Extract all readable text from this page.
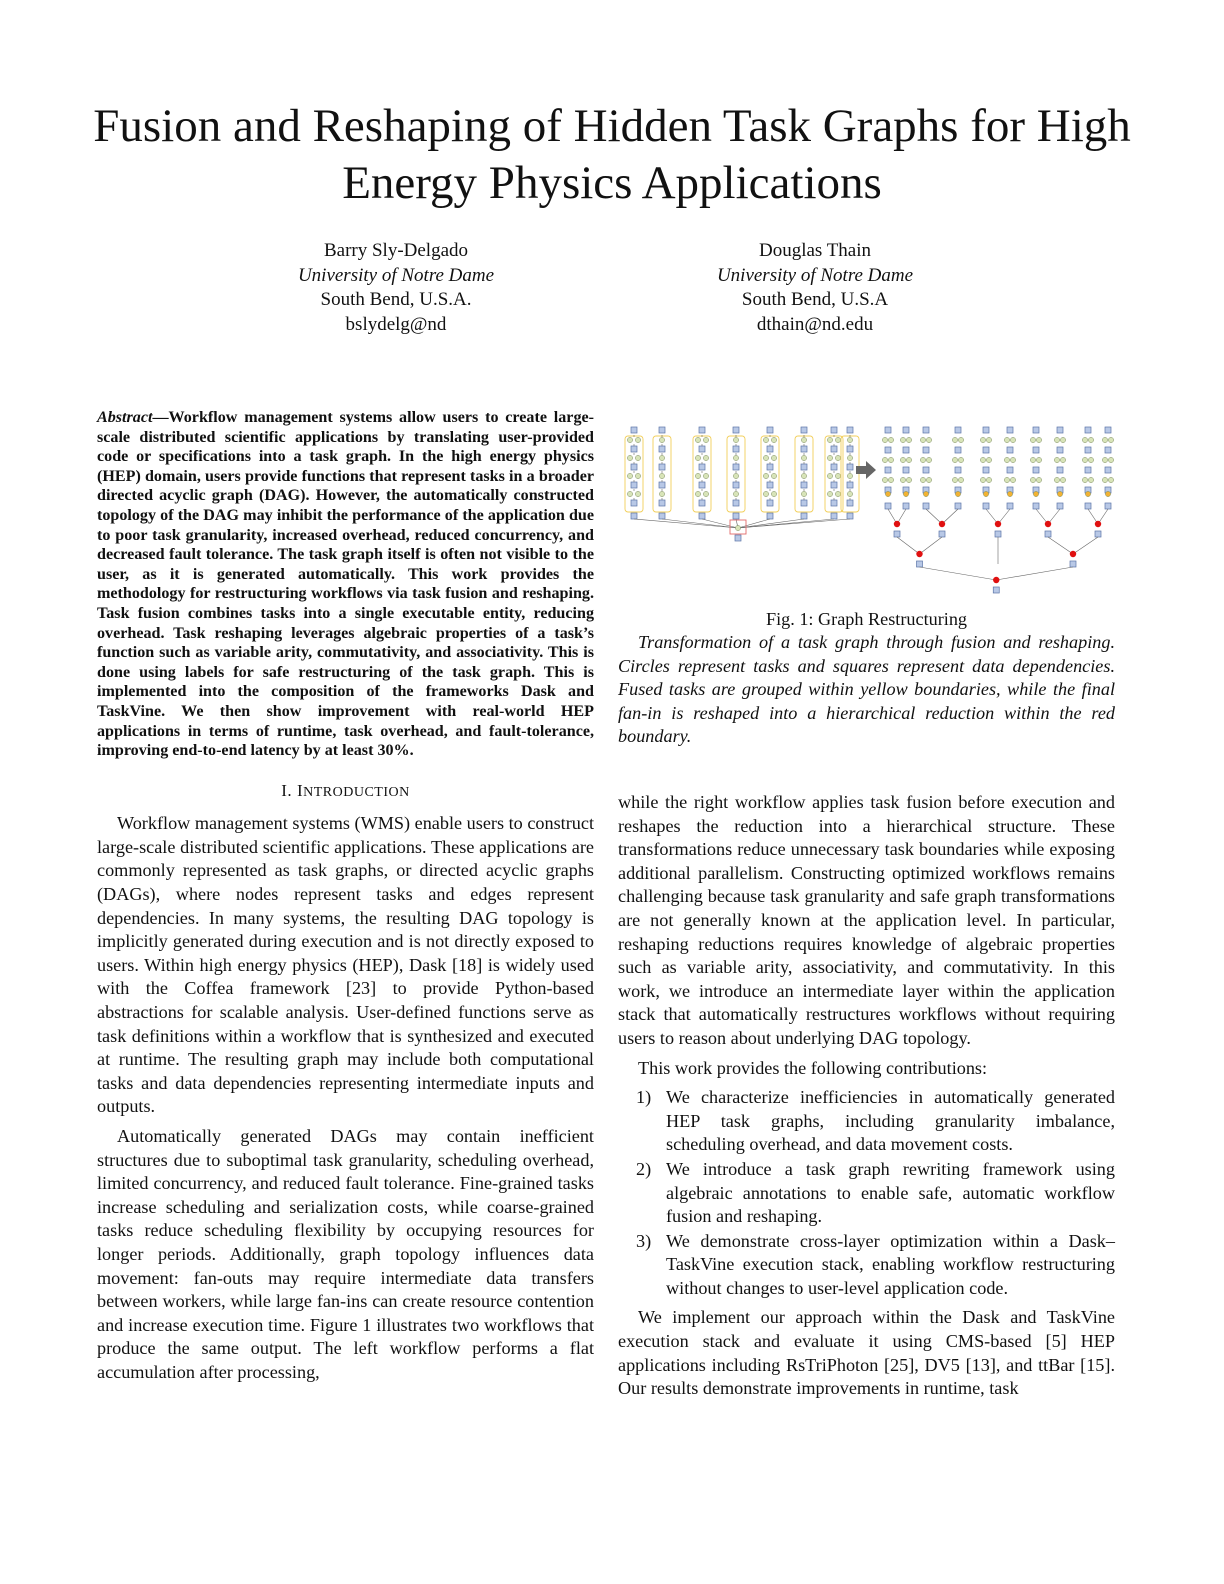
Fusion and Reshaping of Hidden Task Graphs for High Energy Physics Applications
Barry Sly-Delgado
University of Notre Dame
South Bend, U.S.A.
bslydelg@nd
Douglas Thain
University of Notre Dame
South Bend, U.S.A
dthain@nd.edu

Abstract—Workflow management systems allow users to create large-scale distributed scientific applications by translating user-provided code or specifications into a task graph. In the high energy physics (HEP) domain, users provide functions that represent tasks in a broader directed acyclic graph (DAG). However, the automatically constructed topology of the DAG may inhibit the performance of the application due to poor task granularity, increased overhead, reduced concurrency, and decreased fault tolerance. The task graph itself is often not visible to the user, as it is generated automatically. This work provides the methodology for restructuring workflows via task fusion and reshaping. Task fusion combines tasks into a single executable entity, reducing overhead. Task reshaping leverages algebraic properties of a task’s function such as variable arity, commutativity, and associativity. This is done using labels for safe restructuring of the task graph. This is implemented into the composition of the frameworks Dask and TaskVine. We then show improvement with real-world HEP applications in terms of runtime, task overhead, and fault-tolerance, improving end-to-end latency by at least 30%.

I. INTRODUCTION

Workflow management systems (WMS) enable users to construct large-scale distributed scientific applications. These applications are commonly represented as task graphs, or directed acyclic graphs (DAGs), where nodes represent tasks and edges represent dependencies. In many systems, the resulting DAG topology is implicitly generated during execution and is not directly exposed to users. Within high energy physics (HEP), Dask [18] is widely used with the Coffea framework [23] to provide Python-based abstractions for scalable analysis. User-defined functions serve as task definitions within a workflow that is synthesized and executed at runtime. The resulting graph may include both computational tasks and data dependencies representing intermediate inputs and outputs.

Automatically generated DAGs may contain inefficient structures due to suboptimal task granularity, scheduling overhead, limited concurrency, and reduced fault tolerance. Fine-grained tasks increase scheduling and serialization costs, while coarse-grained tasks reduce scheduling flexibility by occupying resources for longer periods. Additionally, graph topology influences data movement: fan-outs may require intermediate data transfers between workers, while large fan-ins can create resource contention and increase execution time. Figure 1 illustrates two workflows that produce the same output. The left workflow performs a flat accumulation after processing,

Fig. 1: Graph Restructuring
Transformation of a task graph through fusion and reshaping. Circles represent tasks and squares represent data dependencies. Fused tasks are grouped within yellow boundaries, while the final fan-in is reshaped into a hierarchical reduction within the red boundary.

while the right workflow applies task fusion before execution and reshapes the reduction into a hierarchical structure. These transformations reduce unnecessary task boundaries while exposing additional parallelism. Constructing optimized workflows remains challenging because task granularity and safe graph transformations are not generally known at the application level. In particular, reshaping reductions requires knowledge of algebraic properties such as variable arity, associativity, and commutativity. In this work, we introduce an intermediate layer within the application stack that automatically restructures workflows without requiring users to reason about underlying DAG topology.

This work provides the following contributions:

1) We characterize inefficiencies in automatically generated HEP task graphs, including granularity imbalance, scheduling overhead, and data movement costs.
2) We introduce a task graph rewriting framework using algebraic annotations to enable safe, automatic workflow fusion and reshaping.
3) We demonstrate cross-layer optimization within a Dask–TaskVine execution stack, enabling workflow restructuring without changes to user-level application code.

We implement our approach within the Dask and TaskVine execution stack and evaluate it using CMS-based [5] HEP applications including RsTriPhoton [25], DV5 [13], and ttBar [15]. Our results demonstrate improvements in runtime, task
